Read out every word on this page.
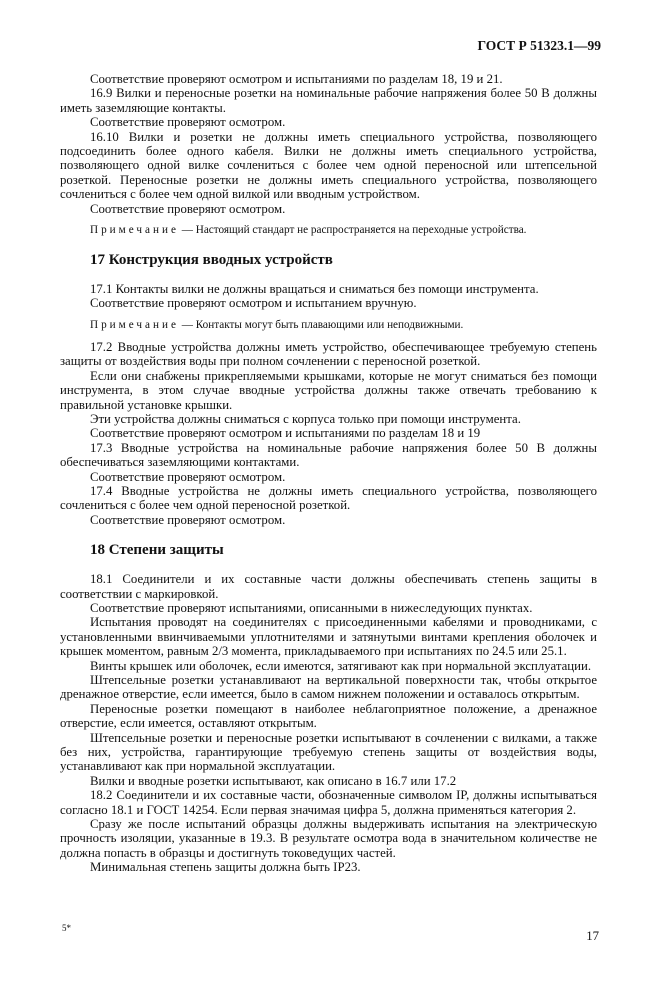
ГОСТ Р 51323.1—99

Соответствие проверяют осмотром и испытаниями по разделам 18, 19 и 21.

16.9 Вилки и переносные розетки на номинальные рабочие напряжения более 50 В должны иметь заземляющие контакты.

Соответствие проверяют осмотром.

16.10 Вилки и розетки не должны иметь специального устройства, позволяющего подсоединить более одного кабеля. Вилки не должны иметь специального устройства, позволяющего одной вилке сочлениться с более чем одной переносной или штепсельной розеткой. Переносные розетки не должны иметь специального устройства, позволяющего сочлениться с более чем одной вилкой или вводным устройством.

Соответствие проверяют осмотром.

Примечание — Настоящий стандарт не распространяется на переходные устройства.

17 Конструкция вводных устройств

17.1 Контакты вилки не должны вращаться и сниматься без помощи инструмента.

Соответствие проверяют осмотром и испытанием вручную.

Примечание — Контакты могут быть плавающими или неподвижными.

17.2 Вводные устройства должны иметь устройство, обеспечивающее требуемую степень защиты от воздействия воды при полном сочленении с переносной розеткой.

Если они снабжены прикрепляемыми крышками, которые не могут сниматься без помощи инструмента, в этом случае вводные устройства должны также отвечать требованию к правильной установке крышки.

Эти устройства должны сниматься с корпуса только при помощи инструмента.

Соответствие проверяют осмотром и испытаниями по разделам 18 и 19

17.3 Вводные устройства на номинальные рабочие напряжения более 50 В должны обеспечиваться заземляющими контактами.

Соответствие проверяют осмотром.

17.4 Вводные устройства не должны иметь специального устройства, позволяющего сочлениться с более чем одной переносной розеткой.

Соответствие проверяют осмотром.

18 Степени защиты

18.1 Соединители и их составные части должны обеспечивать степень защиты в соответствии с маркировкой.

Соответствие проверяют испытаниями, описанными в нижеследующих пунктах.

Испытания проводят на соединителях с присоединенными кабелями и проводниками, с установленными ввинчиваемыми уплотнителями и затянутыми винтами крепления оболочек и крышек моментом, равным 2/3 момента, прикладываемого при испытаниях по 24.5 или 25.1.

Винты крышек или оболочек, если имеются, затягивают как при нормальной эксплуатации.

Штепсельные розетки устанавливают на вертикальной поверхности так, чтобы открытое дренажное отверстие, если имеется, было в самом нижнем положении и оставалось открытым.

Переносные розетки помещают в наиболее неблагоприятное положение, а дренажное отверстие, если имеется, оставляют открытым.

Штепсельные розетки и переносные розетки испытывают в сочленении с вилками, а также без них, устройства, гарантирующие требуемую степень защиты от воздействия воды, устанавливают как при нормальной эксплуатации.

Вилки и вводные розетки испытывают, как описано в 16.7 или 17.2

18.2 Соединители и их составные части, обозначенные символом IP, должны испытываться согласно 18.1 и ГОСТ 14254. Если первая значимая цифра 5, должна применяться категория 2.

Сразу же после испытаний образцы должны выдерживать испытания на электрическую прочность изоляции, указанные в 19.3. В результате осмотра вода в значительном количестве не должна попасть в образцы и достигнуть токоведущих частей.

Минимальная степень защиты должна быть IP23.

5*
17
